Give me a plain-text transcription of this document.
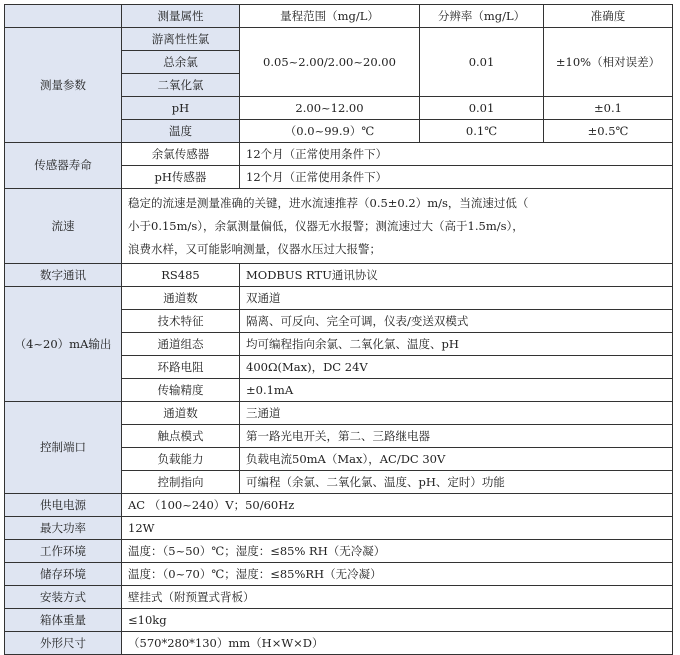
	测量属性	量程范围（mg/L）	分辨率（mg/L）	准确度
测量参数	游离性性氯	0.05~2.00/2.00~20.00	0.01	±10%（相对误差）
	总余氯			
	二氧化氯			
	pH	2.00~12.00	0.01	±0.1
	温度	（0.0~99.9）℃	0.1℃	±0.5℃
传感器寿命	余氯传感器	12个月（正常使用条件下）		
	pH传感器	12个月（正常使用条件下）		
流速	稳定的流速是测量准确的关键，进水流速推荐（0.5±0.2）m/s，当流速过低（
小于0.15m/s），余氯测量偏低，仪器无水报警；测流速过大（高于1.5m/s），
浪费水样，又可能影响测量，仪器水压过大报警；			

数字通讯	RS485	MODBUS RTU通讯协议		
（4~20）mA输出	通道数	双通道		
	技术特征	隔离、可反向、完全可调，仪表/变送双模式		
	通道组态	均可编程指向余氯、二氧化氯、温度、pH		
	环路电阻	400Ω(Max)，DC 24V		
	传输精度	±0.1mA		
控制端口	通道数	三通道		
	触点模式	第一路光电开关，第二、三路继电器		
	负载能力	负载电流50mA（Max），AC/DC 30V		
	控制指向	可编程（余氯、二氧化氯、温度、pH、定时）功能		
供电电源	AC （100~240）V；50/60Hz			
最大功率	12W			
工作环境	温度：（5~50）℃；湿度：≤85% RH（无冷凝）			
储存环境	温度：（0~70）℃；湿度：≤85%RH（无冷凝）			
安装方式	壁挂式（附预置式背板）			
箱体重量	≤10kg			
外形尺寸	（570*280*130）mm（H×W×D）			
